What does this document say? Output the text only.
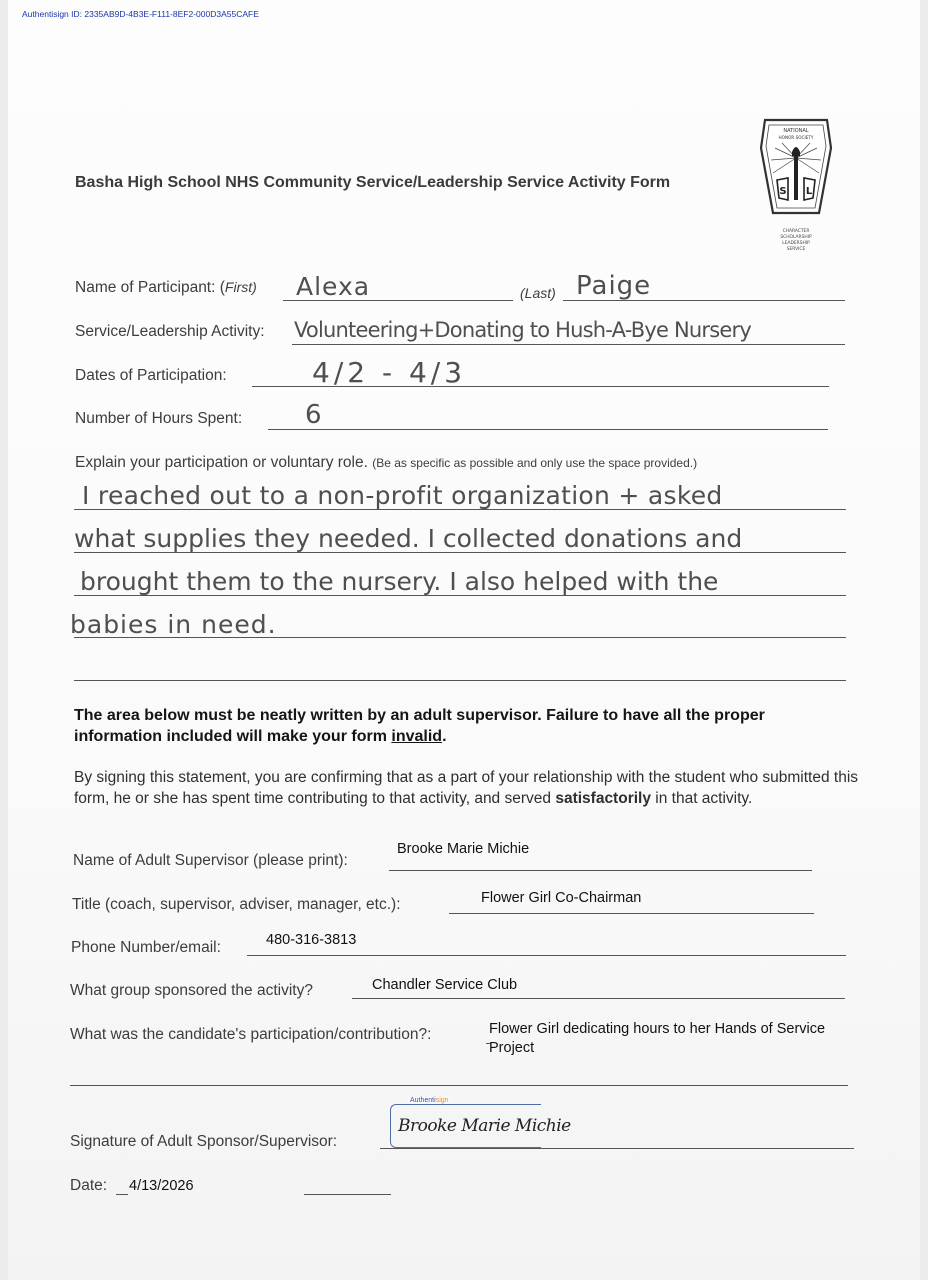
Authentisign ID: 2335AB9D-4B3E-F111-8EF2-000D3A55CAFE
NATIONAL
HONOR SOCIETY
S L
CHARACTER
SCHOLARSHIP
LEADERSHIP
SERVICE
Basha High School NHS Community Service/Leadership Service Activity Form
Name of Participant: (First) Alexa	(Last) Paige
Service/Leadership Activity: Volunteering+Donating to Hush-A-Bye Nursery
Dates of Participation:	4/2 - 4/3
Number of Hours Spent: 6
Explain your participation or voluntary role. (Be as specific as possible and only use the space provided.)
I reached out to a non-profit organization + asked
what supplies they needed. I collected donations and
brought them to the nursery. I also helped with the
babies in need.
The area below must be neatly written by an adult supervisor. Failure to have all the proper information included will make your form invalid.
By signing this statement, you are confirming that as a part of your relationship with the student who submitted this form, he or she has spent time contributing to that activity, and served satisfactorily in that activity.
Name of Adult Supervisor (please print):
Brooke Marie Michie
Title (coach, supervisor, adviser, manager, etc.):	Flower Girl Co-Chairman
Phone Number/email:	480-316-3813
What group sponsored the activity?	Chandler Service Club
What was the candidate's participation/contribution?:	Flower Girl dedicating hours to her Hands of Service
Project
Signature of Adult Sponsor/Supervisor:
Authentisign
Brooke Marie Michie
Date: 4/13/2026
